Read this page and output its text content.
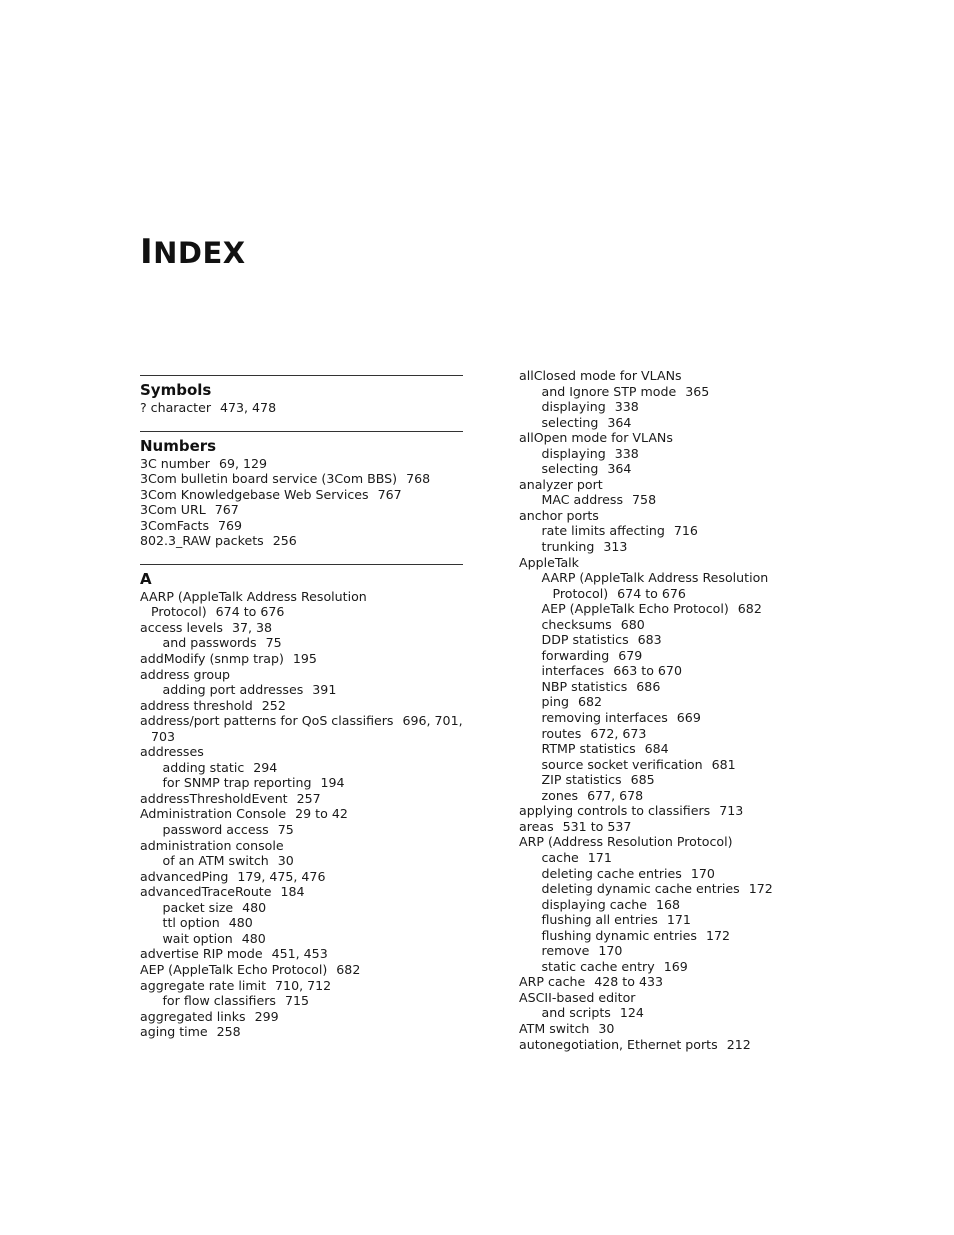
INDEX
Symbols
? character 473, 478
Numbers
3C number 69, 129
3Com bulletin board service (3Com BBS) 768
3Com Knowledgebase Web Services 767
3Com URL 767
3ComFacts 769
802.3_RAW packets 256
A
AARP (AppleTalk Address Resolution
Protocol) 674 to 676
access levels 37, 38
and passwords 75
addModify (snmp trap) 195
address group
adding port addresses 391
address threshold 252
address/port patterns for QoS classifiers 696, 701,
703
addresses
adding static 294
for SNMP trap reporting 194
addressThresholdEvent 257
Administration Console 29 to 42
password access 75
administration console
of an ATM switch 30
advancedPing 179, 475, 476
advancedTraceRoute 184
packet size 480
ttl option 480
wait option 480
advertise RIP mode 451, 453
AEP (AppleTalk Echo Protocol) 682
aggregate rate limit 710, 712
for flow classifiers 715
aggregated links 299
aging time 258
allClosed mode for VLANs
and Ignore STP mode 365
displaying 338
selecting 364
allOpen mode for VLANs
displaying 338
selecting 364
analyzer port
MAC address 758
anchor ports
rate limits affecting 716
trunking 313
AppleTalk
AARP (AppleTalk Address Resolution
Protocol) 674 to 676
AEP (AppleTalk Echo Protocol) 682
checksums 680
DDP statistics 683
forwarding 679
interfaces 663 to 670
NBP statistics 686
ping 682
removing interfaces 669
routes 672, 673
RTMP statistics 684
source socket verification 681
ZIP statistics 685
zones 677, 678
applying controls to classifiers 713
areas 531 to 537
ARP (Address Resolution Protocol)
cache 171
deleting cache entries 170
deleting dynamic cache entries 172
displaying cache 168
flushing all entries 171
flushing dynamic entries 172
remove 170
static cache entry 169
ARP cache 428 to 433
ASCII-based editor
and scripts 124
ATM switch 30
autonegotiation, Ethernet ports 212
